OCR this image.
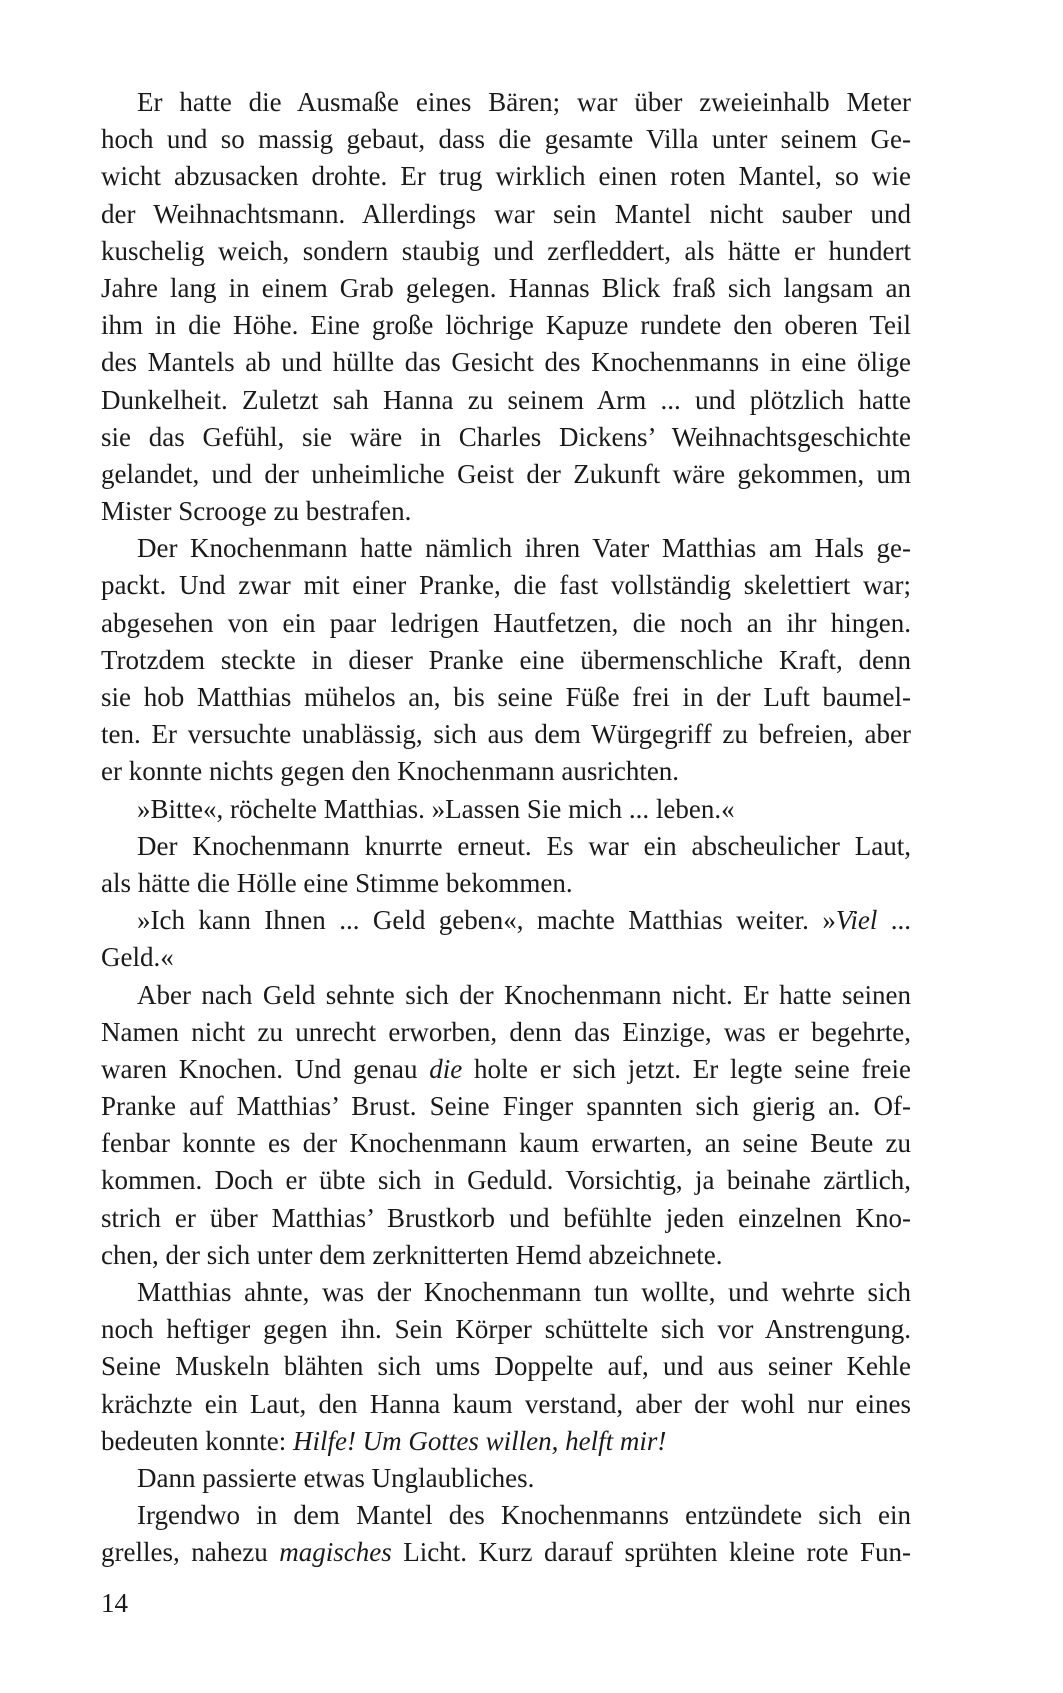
Er hatte die Ausmaße eines Bären; war über zweieinhalb Meter
hoch und so massig gebaut, dass die gesamte Villa unter seinem Ge-
wicht abzusacken drohte. Er trug wirklich einen roten Mantel, so wie
der Weihnachtsmann. Allerdings war sein Mantel nicht sauber und
kuschelig weich, sondern staubig und zerfleddert, als hätte er hundert
Jahre lang in einem Grab gelegen. Hannas Blick fraß sich langsam an
ihm in die Höhe. Eine große löchrige Kapuze rundete den oberen Teil
des Mantels ab und hüllte das Gesicht des Knochenmanns in eine ölige
Dunkelheit. Zuletzt sah Hanna zu seinem Arm ... und plötzlich hatte
sie das Gefühl, sie wäre in Charles Dickens’ Weihnachtsgeschichte
gelandet, und der unheimliche Geist der Zukunft wäre gekommen, um
Mister Scrooge zu bestrafen.
Der Knochenmann hatte nämlich ihren Vater Matthias am Hals ge-
packt. Und zwar mit einer Pranke, die fast vollständig skelettiert war;
abgesehen von ein paar ledrigen Hautfetzen, die noch an ihr hingen.
Trotzdem steckte in dieser Pranke eine übermenschliche Kraft, denn
sie hob Matthias mühelos an, bis seine Füße frei in der Luft baumel-
ten. Er versuchte unablässig, sich aus dem Würgegriff zu befreien, aber
er konnte nichts gegen den Knochenmann ausrichten.
»Bitte«, röchelte Matthias. »Lassen Sie mich ... leben.«
Der Knochenmann knurrte erneut. Es war ein abscheulicher Laut,
als hätte die Hölle eine Stimme bekommen.
»Ich kann Ihnen ... Geld geben«, machte Matthias weiter. »Viel ...
Geld.«
Aber nach Geld sehnte sich der Knochenmann nicht. Er hatte seinen
Namen nicht zu unrecht erworben, denn das Einzige, was er begehrte,
waren Knochen. Und genau die holte er sich jetzt. Er legte seine freie
Pranke auf Matthias’ Brust. Seine Finger spannten sich gierig an. Of-
fenbar konnte es der Knochenmann kaum erwarten, an seine Beute zu
kommen. Doch er übte sich in Geduld. Vorsichtig, ja beinahe zärtlich,
strich er über Matthias’ Brustkorb und befühlte jeden einzelnen Kno-
chen, der sich unter dem zerknitterten Hemd abzeichnete.
Matthias ahnte, was der Knochenmann tun wollte, und wehrte sich
noch heftiger gegen ihn. Sein Körper schüttelte sich vor Anstrengung.
Seine Muskeln blähten sich ums Doppelte auf, und aus seiner Kehle
krächzte ein Laut, den Hanna kaum verstand, aber der wohl nur eines
bedeuten konnte: Hilfe! Um Gottes willen, helft mir!
Dann passierte etwas Unglaubliches.
Irgendwo in dem Mantel des Knochenmanns entzündete sich ein
grelles, nahezu magisches Licht. Kurz darauf sprühten kleine rote Fun-
14
